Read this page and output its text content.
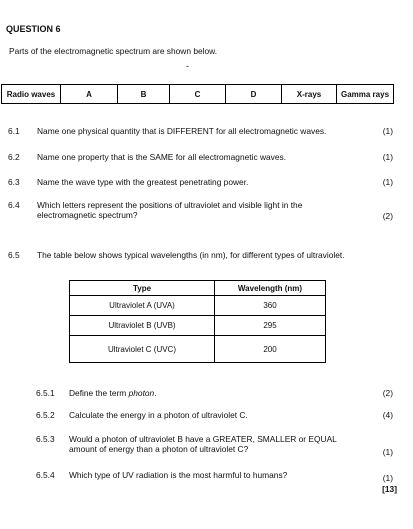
QUESTION 6
Parts of the electromagnetic spectrum are shown below.
-
Radio waves	A	B	C	D	X-rays	Gamma rays
6.1 Name one physical quantity that is DIFFERENT for all electromagnetic waves.	(1)
6.2 Name one property that is the SAME for all electromagnetic waves.	(1)
6.3 Name the wave type with the greatest penetrating power.	(1)
6.4 Which letters represent the positions of ultraviolet and visible light in the electromagnetic spectrum?	(2)
6.5 The table below shows typical wavelengths (in nm), for different types of ultraviolet.
Type	Wavelength (nm)
Ultraviolet A (UVA)	360
Ultraviolet B (UVB)	295
Ultraviolet C (UVC)	200
6.5.1 Define the term photon.	(2)
6.5.2 Calculate the energy in a photon of ultraviolet C.	(4)
6.5.3 Would a photon of ultraviolet B have a GREATER, SMALLER or EQUAL amount of energy than a photon of ultraviolet C?	(1)
6.5.4 Which type of UV radiation is the most harmful to humans?	(1)
[13]
